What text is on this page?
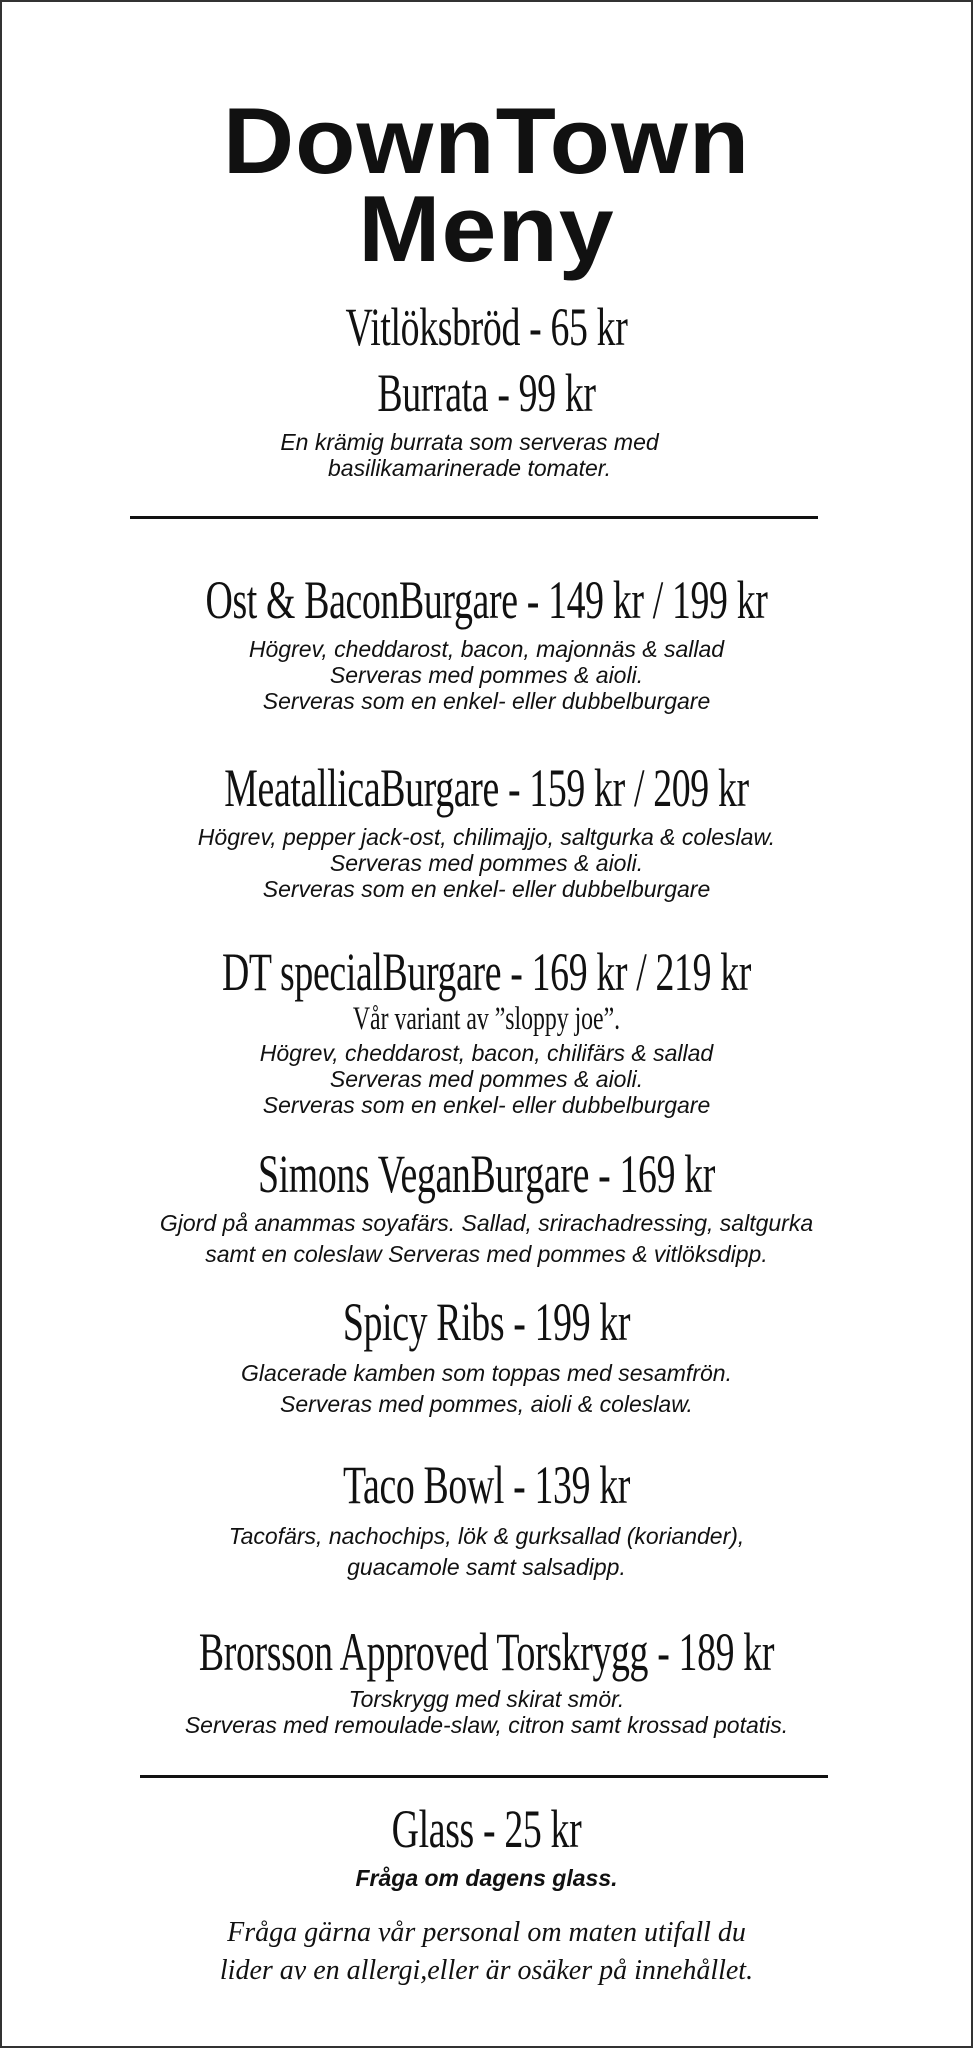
DownTown
Meny
Vitlöksbröd - 65 kr
Burrata - 99 kr

En krämig burrata som serveras med

basilikamarinerade tomater.

Ost & BaconBurgare - 149 kr / 199 kr

Högrev, cheddarost, bacon, majonnäs & sallad

Serveras med pommes & aioli.

Serveras som en enkel- eller dubbelburgare

MeatallicaBurgare - 159 kr / 209 kr

Högrev, pepper jack-ost, chilimajjo, saltgurka & coleslaw.

Serveras med pommes & aioli.

Serveras som en enkel- eller dubbelburgare

DT specialBurgare - 169 kr / 219 kr
Vår variant av ”sloppy joe”.

Högrev, cheddarost, bacon, chilifärs & sallad

Serveras med pommes & aioli.

Serveras som en enkel- eller dubbelburgare

Simons VeganBurgare - 169 kr

Gjord på anammas soyafärs. Sallad, srirachadressing, saltgurka

samt en coleslaw Serveras med pommes & vitlöksdipp.

Spicy Ribs - 199 kr

Glacerade kamben som toppas med sesamfrön.

Serveras med pommes, aioli & coleslaw.

Taco Bowl - 139 kr

Tacofärs, nachochips, lök & gurksallad (koriander),

guacamole samt salsadipp.

Brorsson Approved Torskrygg - 189 kr

Torskrygg med skirat smör.

Serveras med remoulade-slaw, citron samt krossad potatis.

Glass - 25 kr

Fråga om dagens glass.

Fråga gärna vår personal om maten utifall du
lider av en allergi,eller är osäker på innehållet.
